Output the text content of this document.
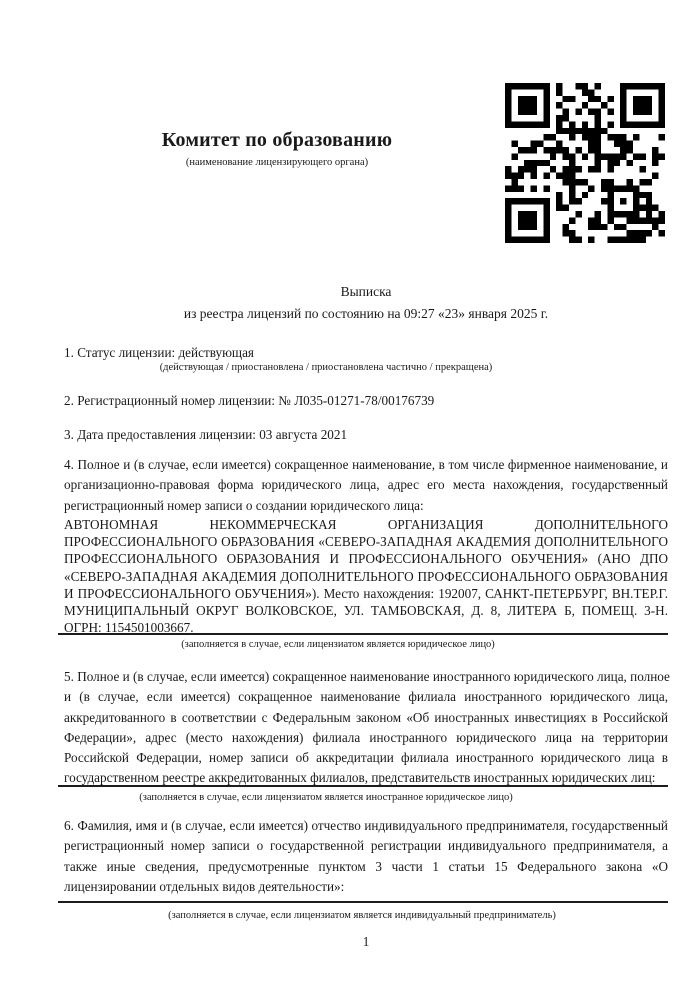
Комитет по образованию
(наименование лицензирующего органа)
Выписка
из реестра лицензий по состоянию на 09:27 «23» января 2025 г.
1. Статус лицензии: действующая
(действующая / приостановлена / приостановлена частично / прекращена)
2. Регистрационный номер лицензии: № Л035-01271-78/00176739
3. Дата предоставления лицензии: 03 августа 2021
4. Полное и (в случае, если имеется) сокращенное наименование, в том числе фирменное наименование, и
организационно-правовая форма юридического лица, адрес его места нахождения, государственный
регистрационный номер записи о создании юридического лица:
АВТОНОМНАЯ НЕКОММЕРЧЕСКАЯ ОРГАНИЗАЦИЯ ДОПОЛНИТЕЛЬНОГО
ПРОФЕССИОНАЛЬНОГО ОБРАЗОВАНИЯ «СЕВЕРО-ЗАПАДНАЯ АКАДЕМИЯ ДОПОЛНИТЕЛЬНОГО
ПРОФЕССИОНАЛЬНОГО ОБРАЗОВАНИЯ И ПРОФЕССИОНАЛЬНОГО ОБУЧЕНИЯ» (АНО ДПО
«СЕВЕРО-ЗАПАДНАЯ АКАДЕМИЯ ДОПОЛНИТЕЛЬНОГО ПРОФЕССИОНАЛЬНОГО ОБРАЗОВАНИЯ
И ПРОФЕССИОНАЛЬНОГО ОБУЧЕНИЯ»). Место нахождения: 192007, САНКТ-ПЕТЕРБУРГ, ВН.ТЕР.Г.
МУНИЦИПАЛЬНЫЙ ОКРУГ ВОЛКОВСКОЕ, УЛ. ТАМБОВСКАЯ, Д. 8, ЛИТЕРА Б, ПОМЕЩ. 3-Н.
ОГРН: 1154501003667.
(заполняется в случае, если лицензиатом является юридическое лицо)
5. Полное и (в случае, если имеется) сокращенное наименование иностранного юридического лица, полное
и (в случае, если имеется) сокращенное наименование филиала иностранного юридического лица,
аккредитованного в соответствии с Федеральным законом «Об иностранных инвестициях в Российской
Федерации», адрес (место нахождения) филиала иностранного юридического лица на территории
Российской Федерации, номер записи об аккредитации филиала иностранного юридического лица в
государственном реестре аккредитованных филиалов, представительств иностранных юридических лиц:
(заполняется в случае, если лицензиатом является иностранное юридическое лицо)
6. Фамилия, имя и (в случае, если имеется) отчество индивидуального предпринимателя, государственный
регистрационный номер записи о государственной регистрации индивидуального предпринимателя, а
также иные сведения, предусмотренные пунктом 3 части 1 статьи 15 Федерального закона «О
лицензировании отдельных видов деятельности»:
(заполняется в случае, если лицензиатом является индивидуальный предприниматель)
1
